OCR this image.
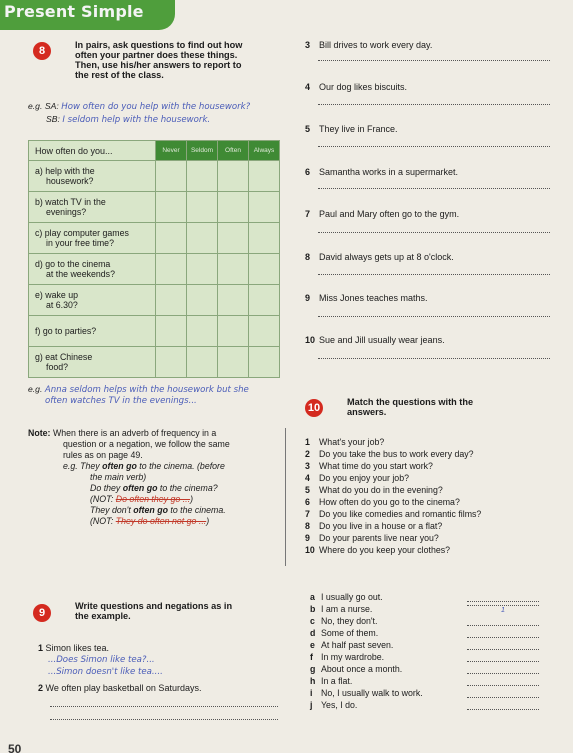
Present Simple
8	In pairs, ask questions to find out how
often your partner does these things.
Then, use his/her answers to report to
the rest of the class.
e.g. SA: How often do you help with the housework?
SB: I seldom help with the housework.
How often do you...	Never	Seldom	Often	Always

a) help with the
housework?				

b) watch TV in the
evenings?				

c) play computer games
in your free time?				

d) go to the cinema
at the weekends?				

e) wake up
at 6.30?				

f) go to parties?				

g) eat Chinese
food?				

e.g. Anna seldom helps with the housework but she
often watches TV in the evenings...
3 Bill drives to work every day.
4 Our dog likes biscuits.
5 They live in France.
6 Samantha works in a supermarket.
7 Paul and Mary often go to the gym.
8 David always gets up at 8 o'clock.
9 Miss Jones teaches maths.
10 Sue and Jill usually wear jeans.
10	Match the questions with the
answers.
Note: When there is an adverb of frequency in a
question or a negation, we follow the same
rules as on page 49.
e.g. They often go to the cinema. (before
the main verb)
Do they often go to the cinema?
(NOT: Do often they go ...)
They don't often go to the cinema.
(NOT: They do often not go ...)
1 What's your job?
2 Do you take the bus to work every day?
3 What time do you start work?
4 Do you enjoy your job?
5 What do you do in the evening?
6 How often do you go to the cinema?
7 Do you like comedies and romantic films?
8 Do you live in a house or a flat?
9 Do your parents live near you?
10 Where do you keep your clothes?
a I usually go out.
b I am a nurse.	1
c No, they don't.
d Some of them.
e At half past seven.
f In my wardrobe.
g About once a month.
h In a flat.
i No, I usually walk to work.
j Yes, I do.
9
Write questions and negations as in
the example.
1 Simon likes tea.
...Does Simon like tea?...
...Simon doesn't like tea....
2 We often play basketball on Saturdays.
50
